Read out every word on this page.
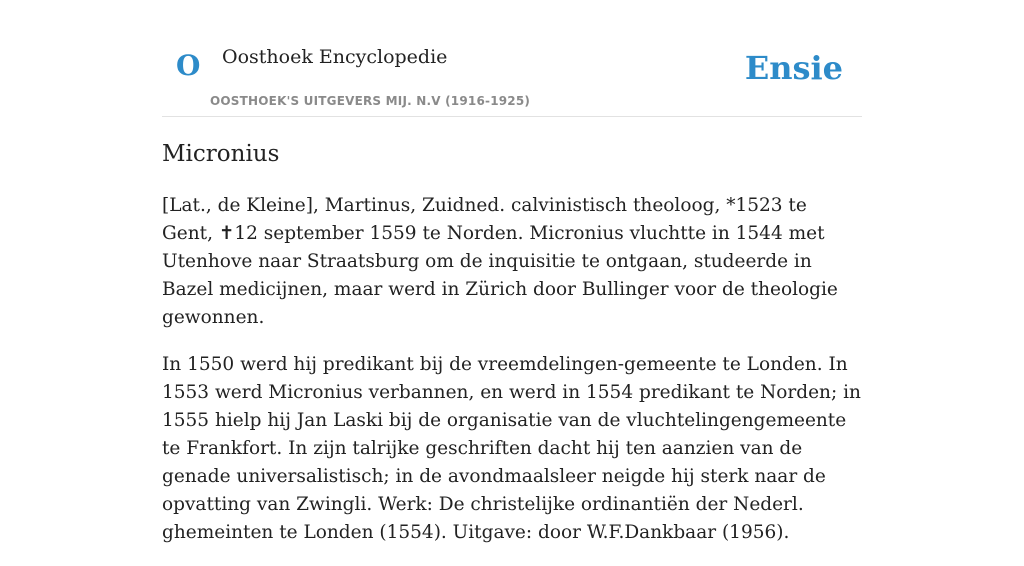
O Oosthoek Encyclopedie
OOSTHOEK'S UITGEVERS MIJ. N.V (1916-1925)
Ensie
Micronius

[Lat., de Kleine], Martinus, Zuidned. calvinistisch theoloog, *1523 te Gent, ✝12 september 1559 te Norden. Micronius vluchtte in 1544 met Utenhove naar Straatsburg om de inquisitie te ontgaan, studeerde in Bazel medicijnen, maar werd in Zürich door Bullinger voor de theologie gewonnen.

In 1550 werd hij predikant bij de vreemdelingen-gemeente te Londen. In 1553 werd Micronius verbannen, en werd in 1554 predikant te Norden; in 1555 hielp hij Jan Laski bij de organisatie van de vluchtelingengemeente te Frankfort. In zijn talrijke geschriften dacht hij ten aanzien van de genade universalistisch; in de avondmaalsleer neigde hij sterk naar de opvatting van Zwingli. Werk: De christelijke ordinantiën der Nederl. ghemeinten te Londen (1554). Uitgave: door W.F.Dankbaar (1956).
